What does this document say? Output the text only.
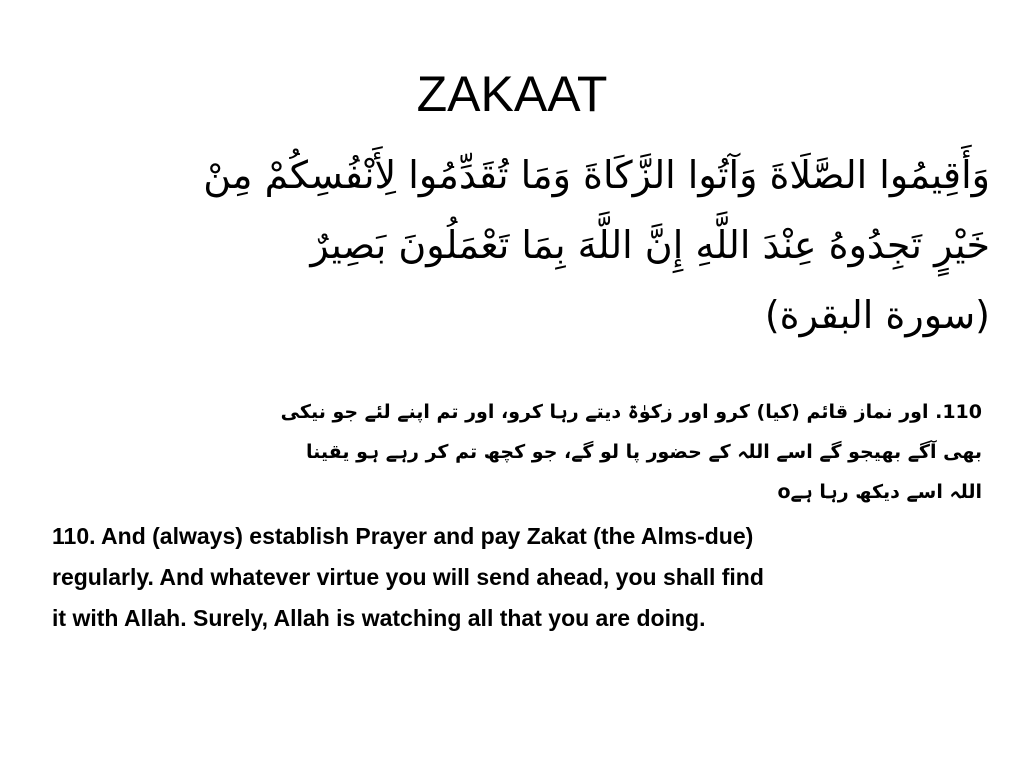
ZAKAAT

وَأَقِيمُوا الصَّلَاةَ وَآتُوا الزَّكَاةَ وَمَا تُقَدِّمُوا لِأَنْفُسِكُمْ مِنْ

خَيْرٍ تَجِدُوهُ عِنْدَ اللَّهِ إِنَّ اللَّهَ بِمَا تَعْمَلُونَ بَصِيرٌ

(سورة البقرة)

110. اور نماز قائم (کیا) کرو اور زکوٰۃ دیتے رہا کرو، اور تم اپنے لئے جو نیکی

بھی آگے بھیجو گے اسے اللہ کے حضور پا لو گے، جو کچھ تم کر رہے ہو یقینا

اللہ اسے دیکھ رہا ہےo

110. And (always) establish Prayer and pay Zakat (the Alms-due)

regularly. And whatever virtue you will send ahead, you shall find

it with Allah. Surely, Allah is watching all that you are doing.
